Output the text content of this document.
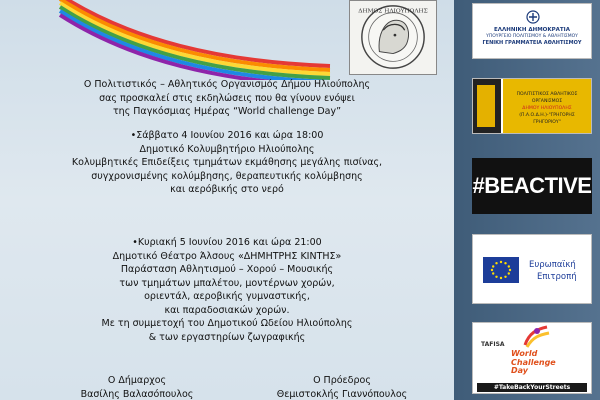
ΔΗΜΟΣ ΗΛΙΟΥΠΟΛΗΣ
Ο Πολιτιστικός – Αθλητικός Οργανισμός Δήμου Ηλιούπολης
σας προσκαλεί στις εκδηλώσεις που θα γίνουν ενόψει
της Παγκόσμιας Ημέρας “World challenge Day”
•Σάββατο 4 Ιουνίου 2016 και ώρα 18:00
Δημοτικό Κολυμβητήριο Ηλιούπολης
Κολυμβητικές Επιδείξεις τμημάτων εκμάθησης μεγάλης πισίνας,
συγχρονισμένης κολύμβησης, θεραπευτικής κολύμβησης
και αερόβικής στο νερό
•Κυριακή 5 Ιουνίου 2016 και ώρα 21:00
Δημοτικό Θέατρο Άλσους «ΔΗΜΗΤΡΗΣ ΚΙΝΤΗΣ»
Παράσταση Αθλητισμού – Χορού – Μουσικής
των τμημάτων μπαλέτου, μοντέρνων χορών,
οριεντάλ, αεροβικής γυμναστικής,
και παραδοσιακών χορών.
Με τη συμμετοχή του Δημοτικού Ωδείου Ηλιούπολης
& των εργαστηρίων ζωγραφικής
Ο Δήμαρχος
Βασίλης Βαλασόπουλος
Ο Πρόεδρος
Θεμιστοκλής Γιαννόπουλος
ΕΛΛΗΝΙΚΗ ΔΗΜΟΚΡΑΤΙΑ
ΥΠΟΥΡΓΕΙΟ ΠΟΛΙΤΙΣΜΟΥ & ΑΘΛΗΤΙΣΜΟΥ
ΓΕΝΙΚΗ ΓΡΑΜΜΑΤΕΙΑ ΑΘΛΗΤΙΣΜΟΥ
ΠΟΛΙΤΙΣΤΙΚΟΣ ΑΘΛΗΤΙΚΟΣ ΟΡΓΑΝΙΣΜΟΣ
ΔΗΜΟΥ ΗΛΙΟΥΠΟΛΗΣ
(Π.Α.Ο.Δ.Η.)-"ΓΡΗΓΟΡΗΣ ΓΡΗΓΟΡΙΟΥ"
#BEACTIVE
Ευρωπαϊκή
Επιτροπή
TAFISA
World
Challenge
Day
#TakeBackYourStreets
